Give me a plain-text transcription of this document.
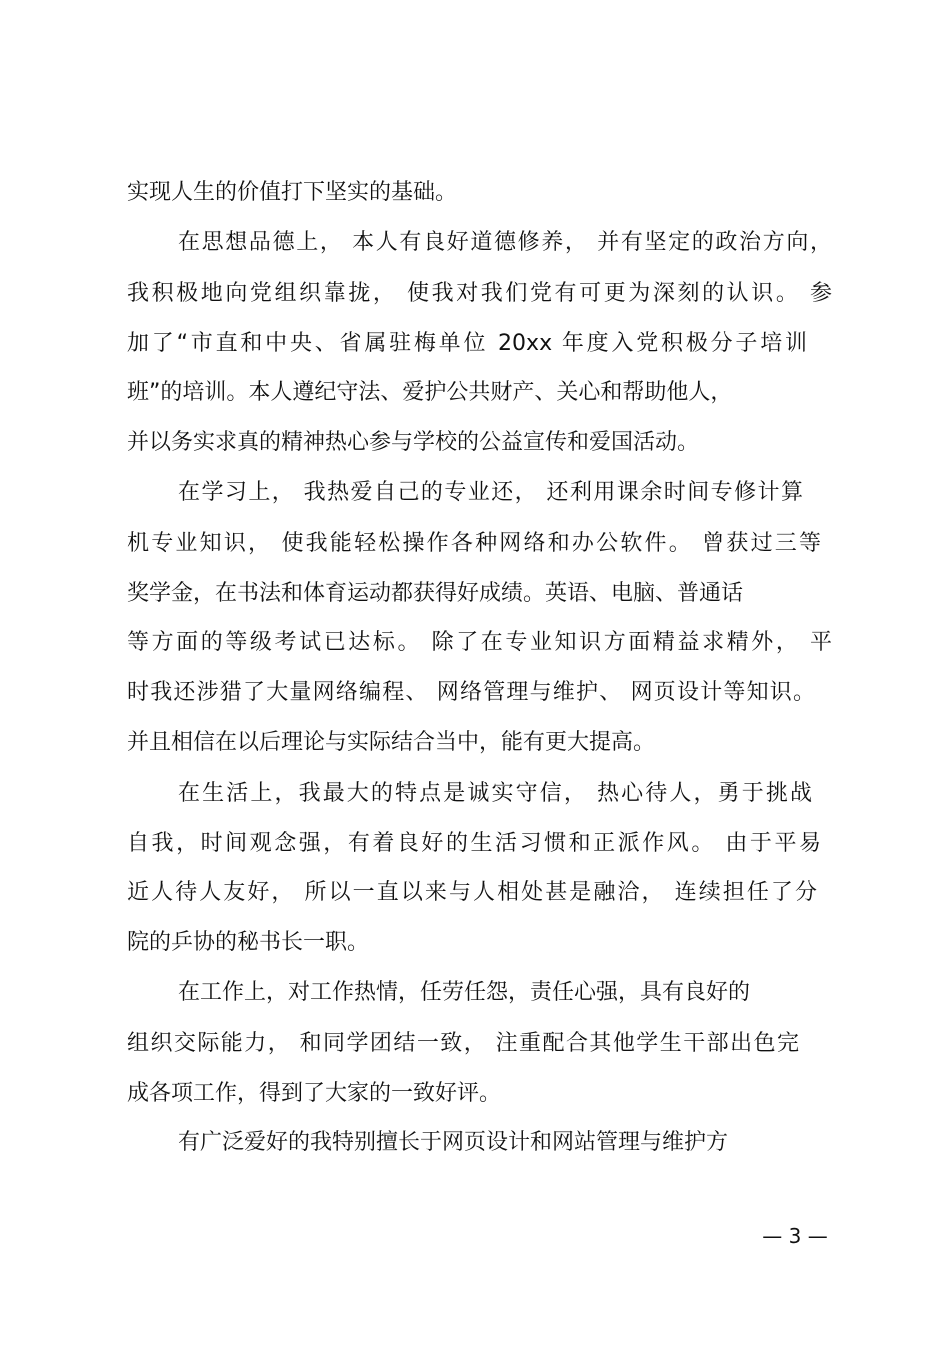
实现人生的价值打下坚实的基础。
在思想品德上， 本人有良好道德修养， 并有坚定的政治方向，
我积极地向党组织靠拢， 使我对我们党有可更为深刻的认识。 参
加了“市直和中央、省属驻梅单位 20xx 年度入党积极分子培训
班”的培训。本人遵纪守法、爱护公共财产、关心和帮助他人，
并以务实求真的精神热心参与学校的公益宣传和爱国活动。
在学习上， 我热爱自己的专业还， 还利用课余时间专修计算
机专业知识， 使我能轻松操作各种网络和办公软件。 曾获过三等
奖学金，在书法和体育运动都获得好成绩。英语、电脑、普通话
等方面的等级考试已达标。 除了在专业知识方面精益求精外， 平
时我还涉猎了大量网络编程、 网络管理与维护、 网页设计等知识。
并且相信在以后理论与实际结合当中，能有更大提高。
在生活上，我最大的特点是诚实守信， 热心待人，勇于挑战
自我，时间观念强，有着良好的生活习惯和正派作风。 由于平易
近人待人友好， 所以一直以来与人相处甚是融洽， 连续担任了分
院的乒协的秘书长一职。
在工作上，对工作热情，任劳任怨，责任心强，具有良好的
组织交际能力， 和同学团结一致， 注重配合其他学生干部出色完
成各项工作，得到了大家的一致好评。
有广泛爱好的我特别擅长于网页设计和网站管理与维护方
— 3 —
